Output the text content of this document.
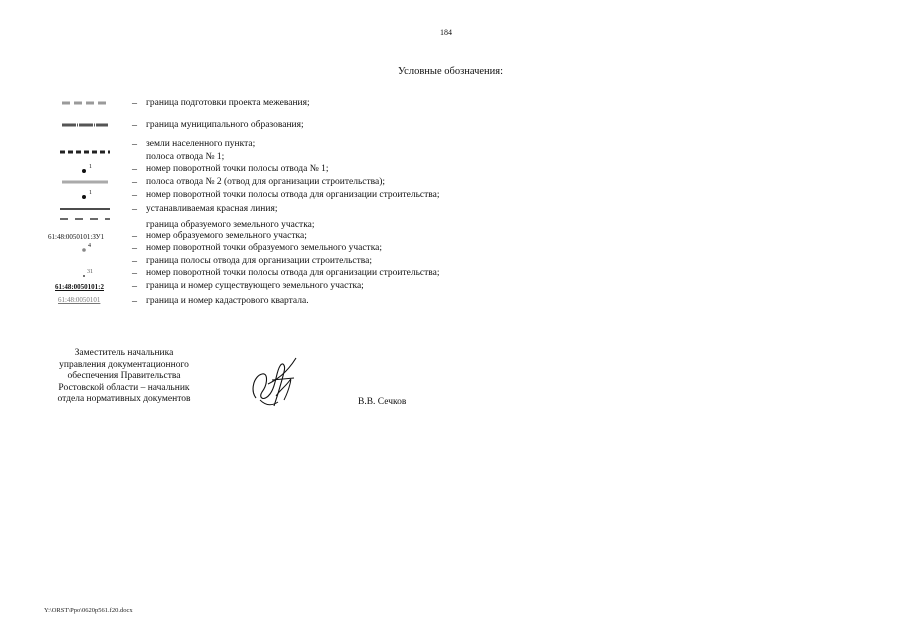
184
Условные обозначения:
– граница подготовки проекта межевания;
– граница муниципального образования;
– земли населенного пункта;
полоса отвода № 1;
1	– номер поворотной точки полосы отвода № 1;
– полоса отвода № 2 (отвод для организации строительства);
1	– номер поворотной точки полосы отвода для организации строительства;
– устанавливаемая красная линия;
граница образуемого земельного участка;
61:48:0050101:ЗУ1	– номер образуемого земельного участка;
4	– номер поворотной точки образуемого земельного участка;
– граница полосы отвода для организации строительства;
31	– номер поворотной точки полосы отвода для организации строительства;
61:48:0050101:2	– граница и номер существующего земельного участка;
61:48:0050101	– граница и номер кадастрового квартала.
Заместитель начальника
управления документационного
обеспечения Правительства
Ростовской области – начальник
отдела нормативных документов	В.В. Сечков
Y:\ORST\Ppo\0620p561.f20.docx
